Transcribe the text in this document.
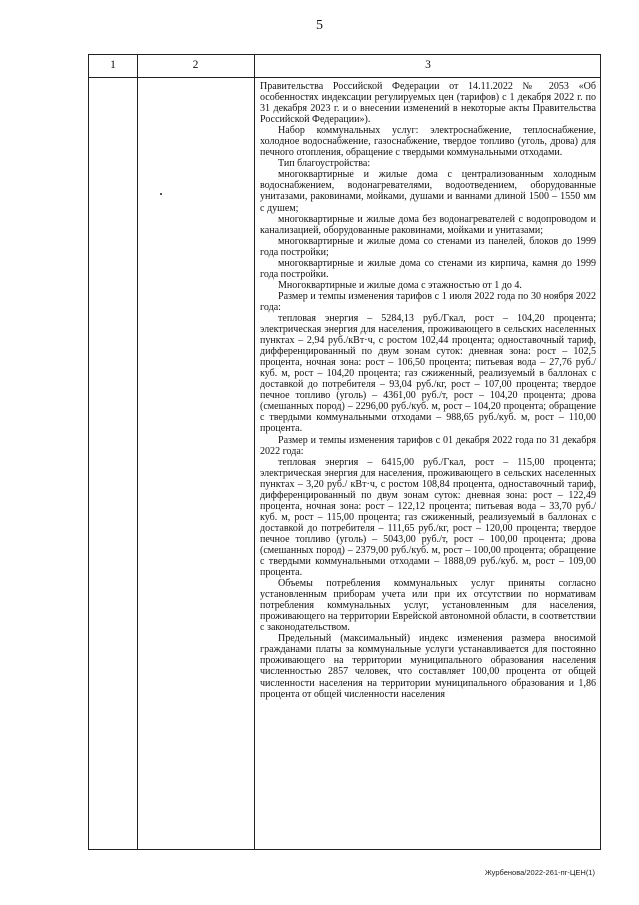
5
1	2	3

Правительства Российской Федерации от 14.11.2022 № 2053 «Об особенностях индексации регулируемых цен (тарифов) с 1 декабря 2022 г. по 31 декабря 2023 г. и о внесении изменений в некоторые акты Правительства Российской Федерации»).

Набор коммунальных услуг: электроснабжение, теплоснабжение, холодное водоснабжение, газоснабжение, твердое топливо (уголь, дрова) для печного отопления, обращение с твердыми коммунальными отходами.

Тип благоустройства:

многоквартирные и жилые дома с централизованным холодным водоснабжением, водонагревателями, водоотведением, оборудованные унитазами, раковинами, мойками, душами и ваннами длиной 1500 – 1550 мм с душем;

многоквартирные и жилые дома без водонагревателей с водопроводом и канализацией, оборудованные раковинами, мойками и унитазами;

многоквартирные и жилые дома со стенами из панелей, блоков до 1999 года постройки;

многоквартирные и жилые дома со стенами из кирпича, камня до 1999 года постройки.

Многоквартирные и жилые дома с этажностью от 1 до 4.

Размер и темпы изменения тарифов с 1 июля 2022 года по 30 ноября 2022 года:

тепловая энергия – 5284,13 руб./Гкал, рост – 104,20 процента; электрическая энергия для населения, проживающего в сельских населенных пунктах – 2,94 руб./кВт·ч, с ростом 102,44 процента; одноставочный тариф, дифференцированный по двум зонам суток: дневная зона: рост – 102,5 процента, ночная зона: рост – 106,50 процента; питьевая вода – 27,76 руб./куб. м, рост – 104,20 процента; газ сжиженный, реализуемый в баллонах с доставкой до потребителя – 93,04 руб./кг, рост – 107,00 процента; твердое печное топливо (уголь) – 4361,00 руб./т, рост – 104,20 процента; дрова (смешанных пород) – 2296,00 руб./куб. м, рост – 104,20 процента; обращение с твердыми коммунальными отходами – 988,65 руб./куб. м, рост – 110,00 процента.

Размер и темпы изменения тарифов с 01 декабря 2022 года по 31 декабря 2022 года:

тепловая энергия – 6415,00 руб./Гкал, рост – 115,00 процента; электрическая энергия для населения, проживающего в сельских населенных пунктах – 3,20 руб./ кВт·ч, с ростом 108,84 процента, одноставочный тариф, дифференцированный по двум зонам суток: дневная зона: рост – 122,49 процента, ночная зона: рост – 122,12 процента; питьевая вода – 33,70 руб./куб. м, рост – 115,00 процента; газ сжиженный, реализуемый в баллонах с доставкой до потребителя – 111,65 руб./кг, рост – 120,00 процента; твердое печное топливо (уголь) – 5043,00 руб./т, рост – 100,00 процента; дрова (смешанных пород) – 2379,00 руб./куб. м, рост – 100,00 процента; обращение с твердыми коммунальными отходами – 1888,09 руб./куб. м, рост – 109,00 процента.

Объемы потребления коммунальных услуг приняты согласно установленным приборам учета или при их отсутствии по нормативам потребления коммунальных услуг, установленным для населения, проживающего на территории Еврейской автономной области, в соответствии с законодательством.

Предельный (максимальный) индекс изменения размера вносимой гражданами платы за коммунальные услуги устанавливается для постоянно проживающего на территории муниципального образования населения численностью 2857 человек, что составляет 100,00 процента от общей численности населения на территории муниципального образования и 1,86 процента от общей численности населения

Журбенова/2022-261-пг-ЦЕН(1)
